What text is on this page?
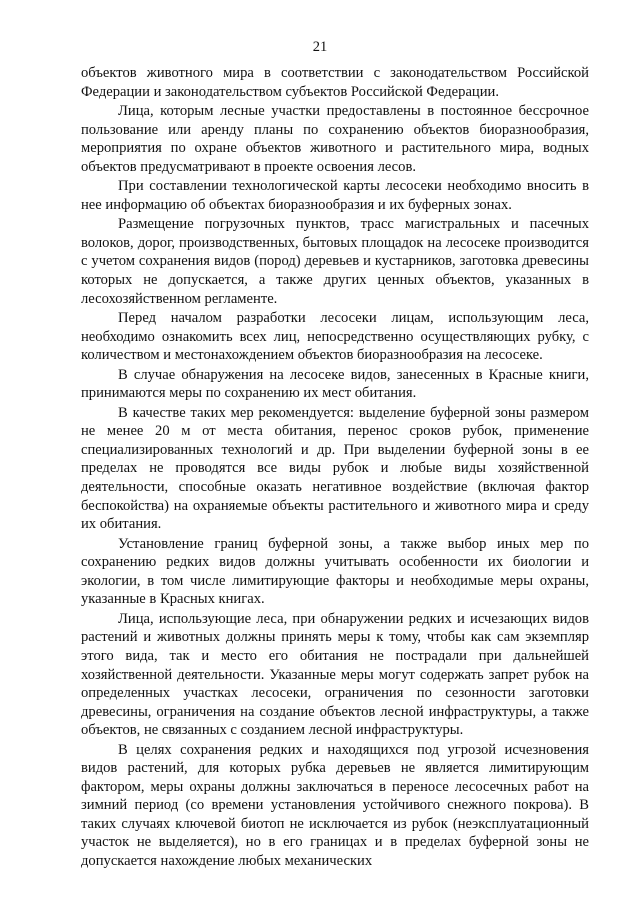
21

объектов животного мира в соответствии с законодательством Российской Федерации и законодательством субъектов Российской Федерации.

Лица, которым лесные участки предоставлены в постоянное бессрочное пользование или аренду планы по сохранению объектов биоразнообразия, мероприятия по охране объектов животного и растительного мира, водных объектов предусматривают в проекте освоения лесов.

При составлении технологической карты лесосеки необходимо вносить в нее информацию об объектах биоразнообразия и их буферных зонах.

Размещение погрузочных пунктов, трасс магистральных и пасечных волоков, дорог, производственных, бытовых площадок на лесосеке производится с учетом сохранения видов (пород) деревьев и кустарников, заготовка древесины которых не допускается, а также других ценных объектов, указанных в лесохозяйственном регламенте.

Перед началом разработки лесосеки лицам, использующим леса, необходимо ознакомить всех лиц, непосредственно осуществляющих рубку, с количеством и местонахождением объектов биоразнообразия на лесосеке.

В случае обнаружения на лесосеке видов, занесенных в Красные книги, принимаются меры по сохранению их мест обитания.

В качестве таких мер рекомендуется: выделение буферной зоны размером не менее 20 м от места обитания, перенос сроков рубок, применение специализированных технологий и др. При выделении буферной зоны в ее пределах не проводятся все виды рубок и любые виды хозяйственной деятельности, способные оказать негативное воздействие (включая фактор беспокойства) на охраняемые объекты растительного и животного мира и среду их обитания.

Установление границ буферной зоны, а также выбор иных мер по сохранению редких видов должны учитывать особенности их биологии и экологии, в том числе лимитирующие факторы и необходимые меры охраны, указанные в Красных книгах.

Лица, использующие леса, при обнаружении редких и исчезающих видов растений и животных должны принять меры к тому, чтобы как сам экземпляр этого вида, так и место его обитания не пострадали при дальнейшей хозяйственной деятельности. Указанные меры могут содержать запрет рубок на определенных участках лесосеки, ограничения по сезонности заготовки древесины, ограничения на создание объектов лесной инфраструктуры, а также объектов, не связанных с созданием лесной инфраструктуры.

В целях сохранения редких и находящихся под угрозой исчезновения видов растений, для которых рубка деревьев не является лимитирующим фактором, меры охраны должны заключаться в переносе лесосечных работ на зимний период (со времени установления устойчивого снежного покрова). В таких случаях ключевой биотоп не исключается из рубок (неэксплуатационный участок не выделяется), но в его границах и в пределах буферной зоны не допускается нахождение любых механических
